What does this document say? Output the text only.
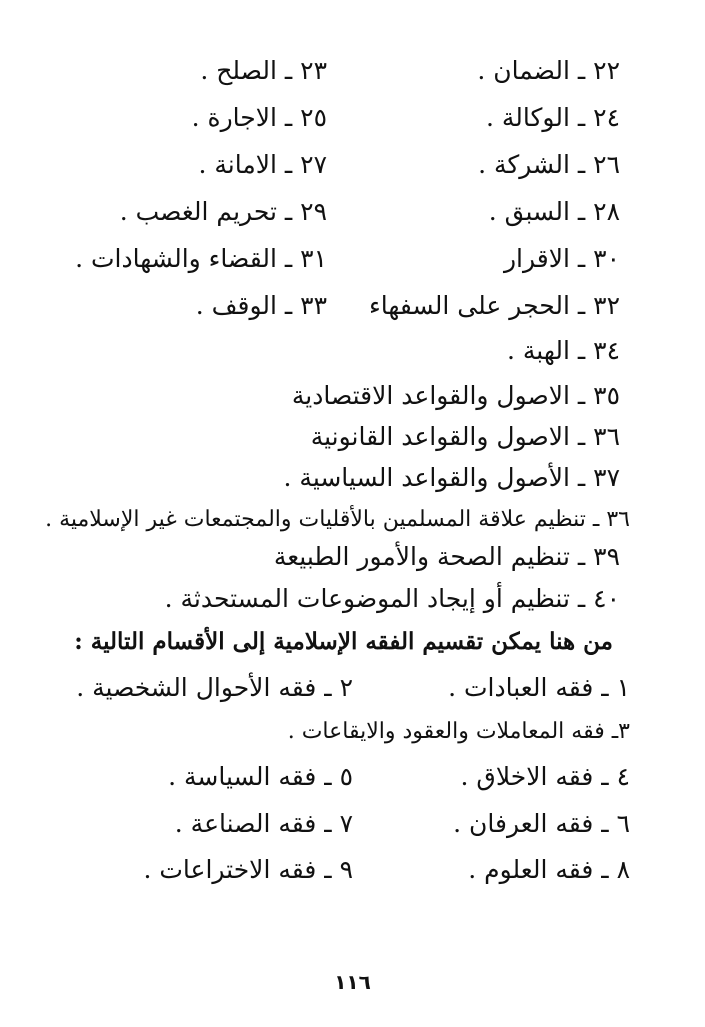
٢٢ ـ الضمان .
٢٣ ـ الصلح .
٢٤ ـ الوكالة .
٢٥ ـ الاجارة .
٢٦ ـ الشركة .
٢٧ ـ الامانة .
٢٨ ـ السبق .
٢٩ ـ تحريم الغصب .
٣٠ ـ الاقرار
٣١ ـ القضاء والشهادات .
٣٢ ـ الحجر على السفهاء
٣٣ ـ الوقف .
٣٤ ـ الهبة .
٣٥ ـ الاصول والقواعد الاقتصادية
٣٦ ـ الاصول والقواعد القانونية
٣٧ ـ الأصول والقواعد السياسية .
٣٦ ـ تنظيم علاقة المسلمين بالأقليات والمجتمعات غير الإسلامية .
٣٩ ـ تنظيم الصحة والأمور الطبيعة
٤٠ ـ تنظيم أو إيجاد الموضوعات المستحدثة .
من هنا يمكن تقسيم الفقه الإسلامية إلى الأقسام التالية :
١ ـ فقه العبادات .
٢ ـ فقه الأحوال الشخصية .
٣ـ فقه المعاملات والعقود والايقاعات .
٤ ـ فقه الاخلاق .
٥ ـ فقه السياسة .
٦ ـ فقه العرفان .
٧ ـ فقه الصناعة .
٨ ـ فقه العلوم .
٩ ـ فقه الاختراعات .
١١٦
